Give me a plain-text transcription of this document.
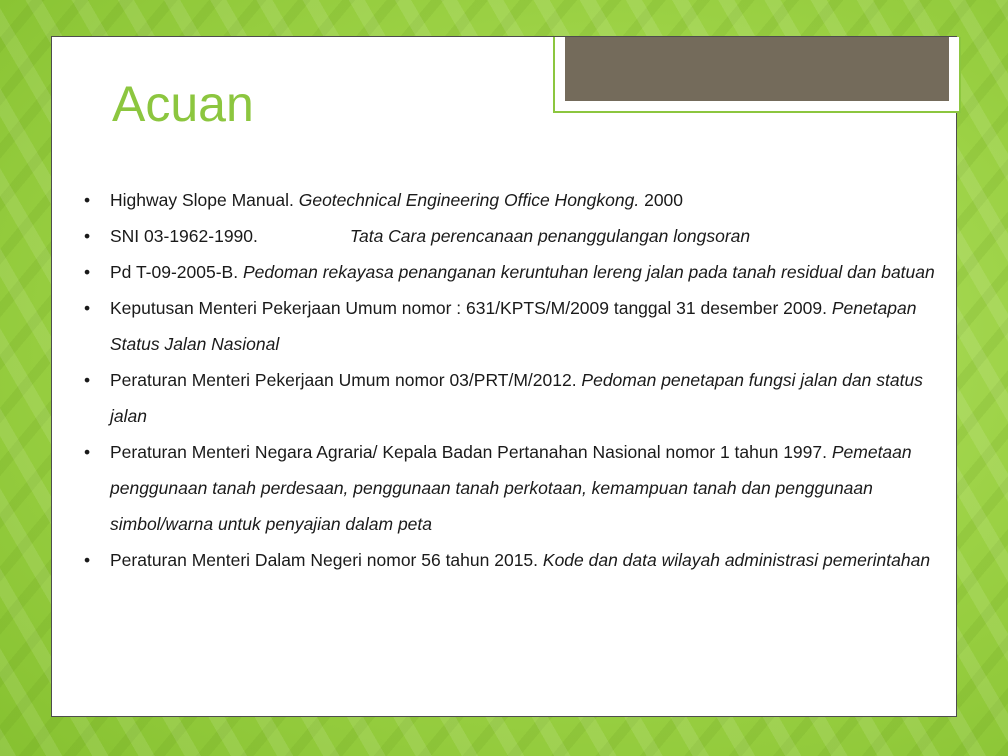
Acuan
•	Highway Slope Manual. Geotechnical Engineering Office Hongkong. 2000
•	SNI 03-1962-1990.	Tata Cara perencanaan penanggulangan longsoran
•	Pd T-09-2005-B. Pedoman rekayasa penanganan keruntuhan lereng jalan pada tanah residual dan batuan
•	Keputusan Menteri Pekerjaan Umum nomor : 631/KPTS/M/2009 tanggal 31 desember 2009. Penetapan Status Jalan Nasional
•	Peraturan Menteri Pekerjaan Umum nomor 03/PRT/M/2012. Pedoman penetapan fungsi jalan dan status jalan
•	Peraturan Menteri Negara Agraria/ Kepala Badan Pertanahan Nasional nomor 1 tahun 1997. Pemetaan penggunaan tanah perdesaan, penggunaan tanah perkotaan, kemampuan tanah dan penggunaan simbol/warna untuk penyajian dalam peta
•	Peraturan Menteri Dalam Negeri nomor 56 tahun 2015. Kode dan data wilayah administrasi pemerintahan
